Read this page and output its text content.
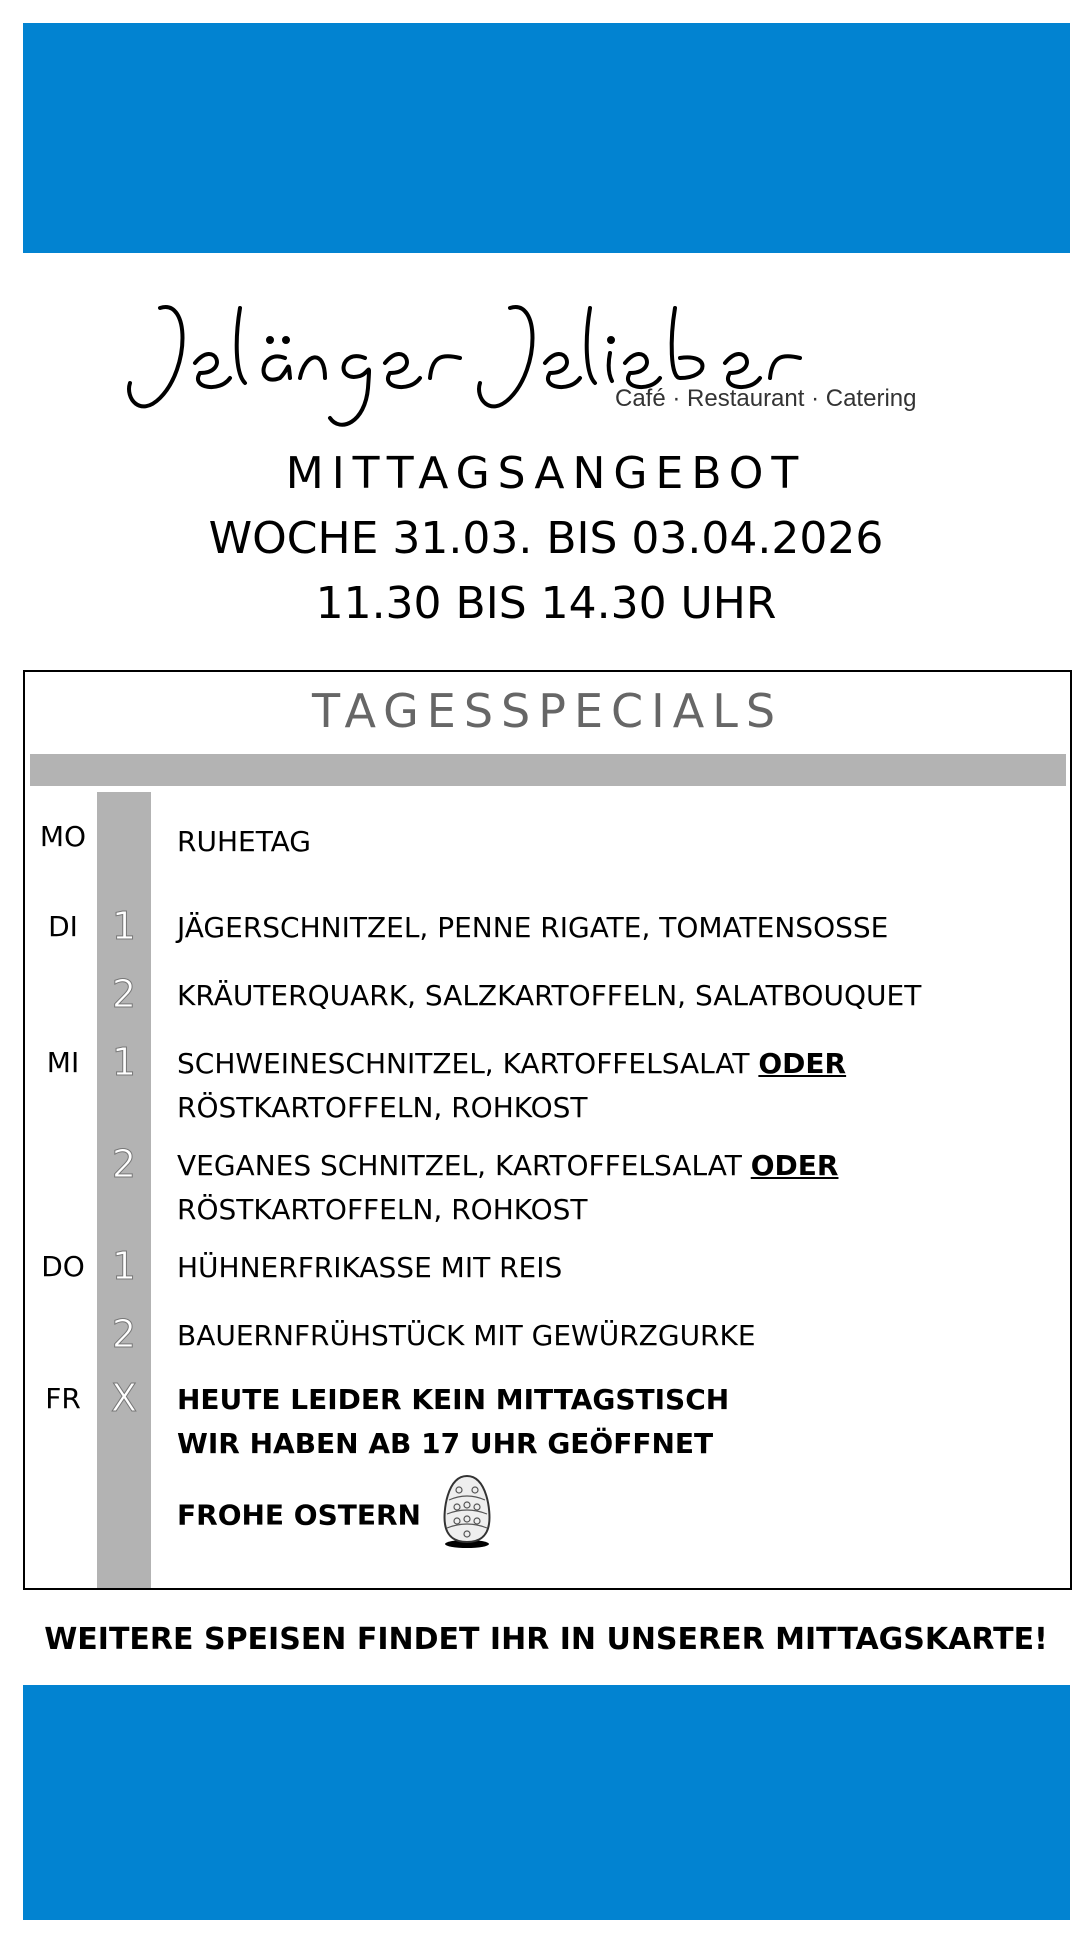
Café · Restaurant · Catering
MITTAGSANGEBOT
WOCHE 31.03. BIS 03.04.2026
11.30 BIS 14.30 UHR
TAGESSPECIALS
MO	RUHETAG
DI 1	JÄGERSCHNITZEL, PENNE RIGATE, TOMATENSOSSE
2	KRÄUTERQUARK, SALZKARTOFFELN, SALATBOUQUET
MI 1	SCHWEINESCHNITZEL, KARTOFFELSALAT ODER
RÖSTKARTOFFELN, ROHKOST
2	VEGANES SCHNITZEL, KARTOFFELSALAT ODER
RÖSTKARTOFFELN, ROHKOST
DO 1	HÜHNERFRIKASSE MIT REIS
2	BAUERNFRÜHSTÜCK MIT GEWÜRZGURKE
FR X	HEUTE LEIDER KEIN MITTAGSTISCH
WIR HABEN AB 17 UHR GEÖFFNET
FROHE OSTERN
WEITERE SPEISEN FINDET IHR IN UNSERER MITTAGSKARTE!
